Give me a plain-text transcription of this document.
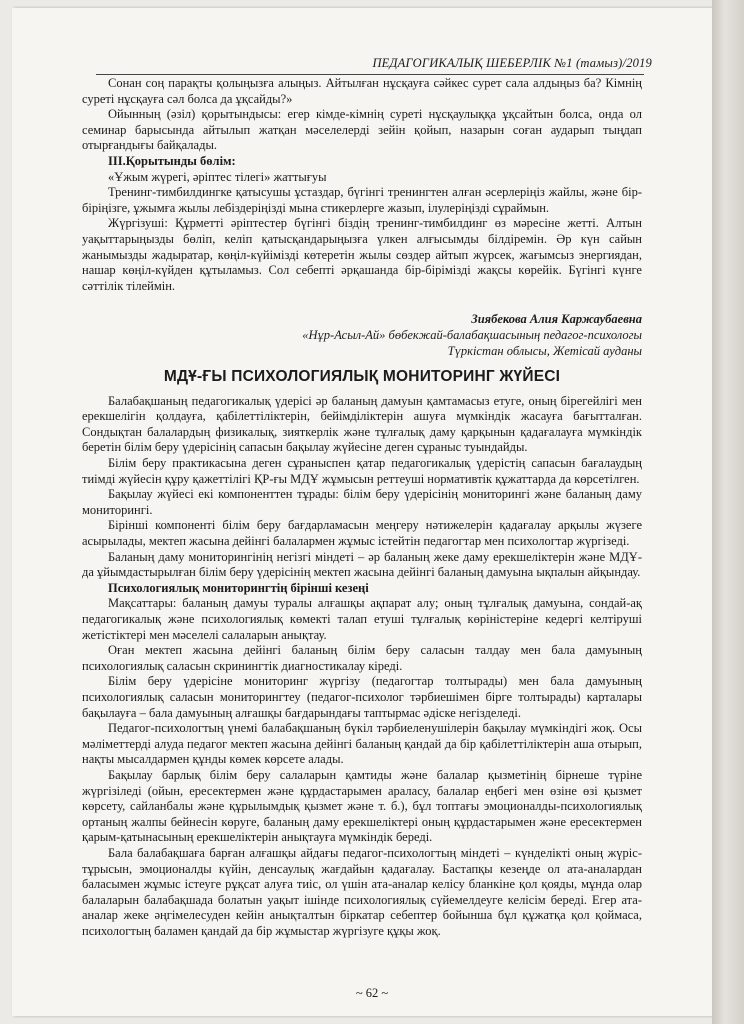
ПЕДАГОГИКАЛЫҚ ШЕБЕРЛІК №1 (тамыз)/2019

Сонан соң парақты қолыңызға алыңыз. Айтылған нұсқауға сәйкес сурет сала алдыңыз ба? Кімнің суреті нұсқауға сәл болса да ұқсайды?»

Ойынның (әзіл) қорытындысы: егер кімде-кімнің суреті нұсқаулыққа ұқсайтын болса, онда ол семинар барысында айтылып жатқан мәселелерді зейін қойып, назарын соған аударып тыңдап отырғандығы байқалады.

ІІІ.Қорытынды бөлім:

«Ұжым жүрегі, әріптес тілегі» жаттығуы

Тренинг-тимбилдингке қатысушы ұстаздар, бүгінгі тренингтен алған әсерлеріңіз жайлы, және бір-біріңізге, ұжымға жылы лебіздеріңізді мына стикерлерге жазып, ілулеріңізді сұраймын.

Жүргізуші: Құрметті әріптестер бүгінгі біздің тренинг-тимбилдинг өз мәресіне жетті. Алтын уақыттарыңызды бөліп, келіп қатысқандарыңызға үлкен алғысымды білдіремін. Әр күн сайын жанымызды жадыратар, көңіл-күйімізді көтеретін жылы сөздер айтып жүрсек, жағымсыз энергиядан, нашар көңіл-күйден құтыламыз. Сол себепті әрқашанда бір-бірімізді жақсы көрейік. Бүгінгі күнге сәттілік тілеймін.

Зиябекова Алия Каржаубаевна
«Нұр-Асыл-Ай» бөбекжай-балабақшасының педагог-психологы
Түркістан облысы, Жетісай ауданы
МДҰ-ҒЫ ПСИХОЛОГИЯЛЫҚ МОНИТОРИНГ ЖҮЙЕСІ

Балабақшаның педагогикалық үдерісі әр баланың дамуын қамтамасыз етуге, оның бірегейлігі мен ерекшелігін қолдауға, қабілеттіліктерін, бейімділіктерін ашуға мүмкіндік жасауға бағытталған. Сондықтан балалардың физикалық, зияткерлік және тұлғалық даму қарқынын қадағалауға мүмкіндік беретін білім беру үдерісінің сапасын бақылау жүйесіне деген сұраныс туындайды.

Білім беру практикасына деген сұраныспен қатар педагогикалық үдерістің сапасын бағалаудың тиімді жүйесін құру қажеттілігі ҚР-ғы МДҰ жұмысын реттеуші нормативтік құжаттарда да көрсетілген.

Бақылау жүйесі екі компоненттен тұрады: білім беру үдерісінің мониторингі және баланың даму мониторингі.

Бірінші компоненті білім беру бағдарламасын меңгеру нәтижелерін қадағалау арқылы жүзеге асырылады, мектеп жасына дейінгі балалармен жұмыс істейтін педагогтар мен психологтар жүргізеді.

Баланың даму мониторингінің негізгі міндеті – әр баланың жеке даму ерекшеліктерін және МДҰ-да ұйымдастырылған білім беру үдерісінің мектеп жасына дейінгі баланың дамуына ықпалын айқындау.

Психологиялық мониторингтің бірінші кезеңі

Мақсаттары: баланың дамуы туралы алғашқы ақпарат алу; оның тұлғалық дамуына, сондай-ақ педагогикалық және психологиялық көмекті талап етуші тұлғалық көріністеріне кедергі келтіруші жетістіктері мен мәселелі салаларын анықтау.

Оған мектеп жасына дейінгі баланың білім беру саласын талдау мен бала дамуының психологиялық саласын скринингтік диагностикалау кіреді.

Білім беру үдерісіне мониторинг жүргізу (педагогтар толтырады) мен бала дамуының психологиялық саласын мониторингтеу (педагог-психолог тәрбиешімен бірге толтырады) карталары бақылауға – бала дамуының алғашқы бағдарындағы таптырмас әдіске негізделеді.

Педагог-психологтың үнемі балабақшаның бүкіл тәрбиеленушілерін бақылау мүмкіндігі жоқ. Осы мәліметтерді алуда педагог мектеп жасына дейінгі баланың қандай да бір қабілеттіліктерін аша отырып, нақты мысалдармен құнды көмек көрсете алады.

Бақылау барлық білім беру салаларын қамтиды және балалар қызметінің бірнеше түріне жүргізіледі (ойын, ересектермен және құрдастарымен араласу, балалар еңбегі мен өзіне өзі қызмет көрсету, сайланбалы және құрылымдық қызмет және т. б.), бұл топтағы эмоционалды-психологиялық ортаның жалпы бейнесін көруге, баланың даму ерекшеліктері оның құрдастарымен және ересектермен қарым-қатынасының ерекшеліктерін анықтауға мүмкіндік береді.

Бала балабақшаға барған алғашқы айдағы педагог-психологтың міндеті – күнделікті оның жүріс-тұрысын, эмоционалды күйін, денсаулық жағдайын қадағалау. Бастапқы кезеңде ол ата-аналардан баласымен жұмыс істеуге рұқсат алуға тиіс, ол үшін ата-аналар келісу бланкіне қол қояды, мұнда олар балаларын балабақшада болатын уақыт ішінде психологиялық сүйемелдеуге келісім береді. Егер ата-аналар жеке әңгімелесуден кейін анықталтын біркатар себептер бойынша бұл құжатқа қол қоймаса, психологтың баламен қандай да бір жұмыстар жүргізуге құқы жоқ.

~ 62 ~
